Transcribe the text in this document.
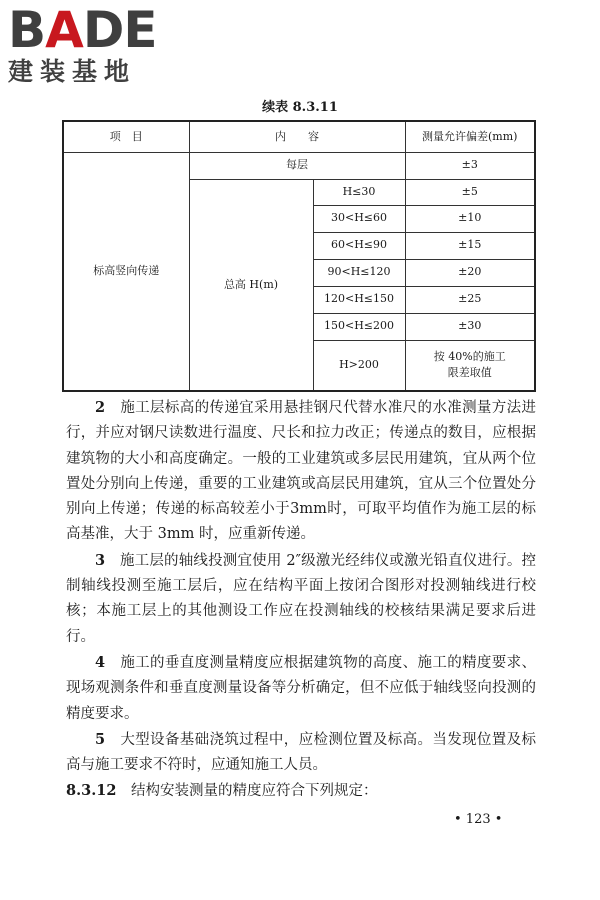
BADE
建装基地
续表 8.3.11
项　目	内　　容		测量允许偏差(mm)
标高竖向传递	每层		±3
	总高 H(m)	H≤30	±5
		30<H≤60	±10
		60<H≤90	±15
		90<H≤120	±20
		120<H≤150	±25
		150<H≤200	±30
		H>200	按 40%的施工
限差取值

2　 施工层标高的传递宜采用悬挂钢尺代替水准尺的水准测量方法进行，并应对钢尺读数进行温度、尺长和拉力改正；传递点的数目，应根据建筑物的大小和高度确定。一般的工业建筑或多层民用建筑，宜从两个位置处分别向上传递，重要的工业建筑或高层民用建筑，宜从三个位置处分别向上传递；传递的标高较差小于3mm时，可取平均值作为施工层的标高基准，大于 3mm 时，应重新传递。

3　 施工层的轴线投测宜使用 2″级激光经纬仪或激光铅直仪进行。控制轴线投测至施工层后，应在结构平面上按闭合图形对投测轴线进行校核；本施工层上的其他测设工作应在投测轴线的校核结果满足要求后进行。

4　 施工的垂直度测量精度应根据建筑物的高度、施工的精度要求、现场观测条件和垂直度测量设备等分析确定，但不应低于轴线竖向投测的精度要求。

5　 大型设备基础浇筑过程中，应检测位置及标高。当发现位置及标高与施工要求不符时，应通知施工人员。

8.3.12　 结构安装测量的精度应符合下列规定：

• 123 •
